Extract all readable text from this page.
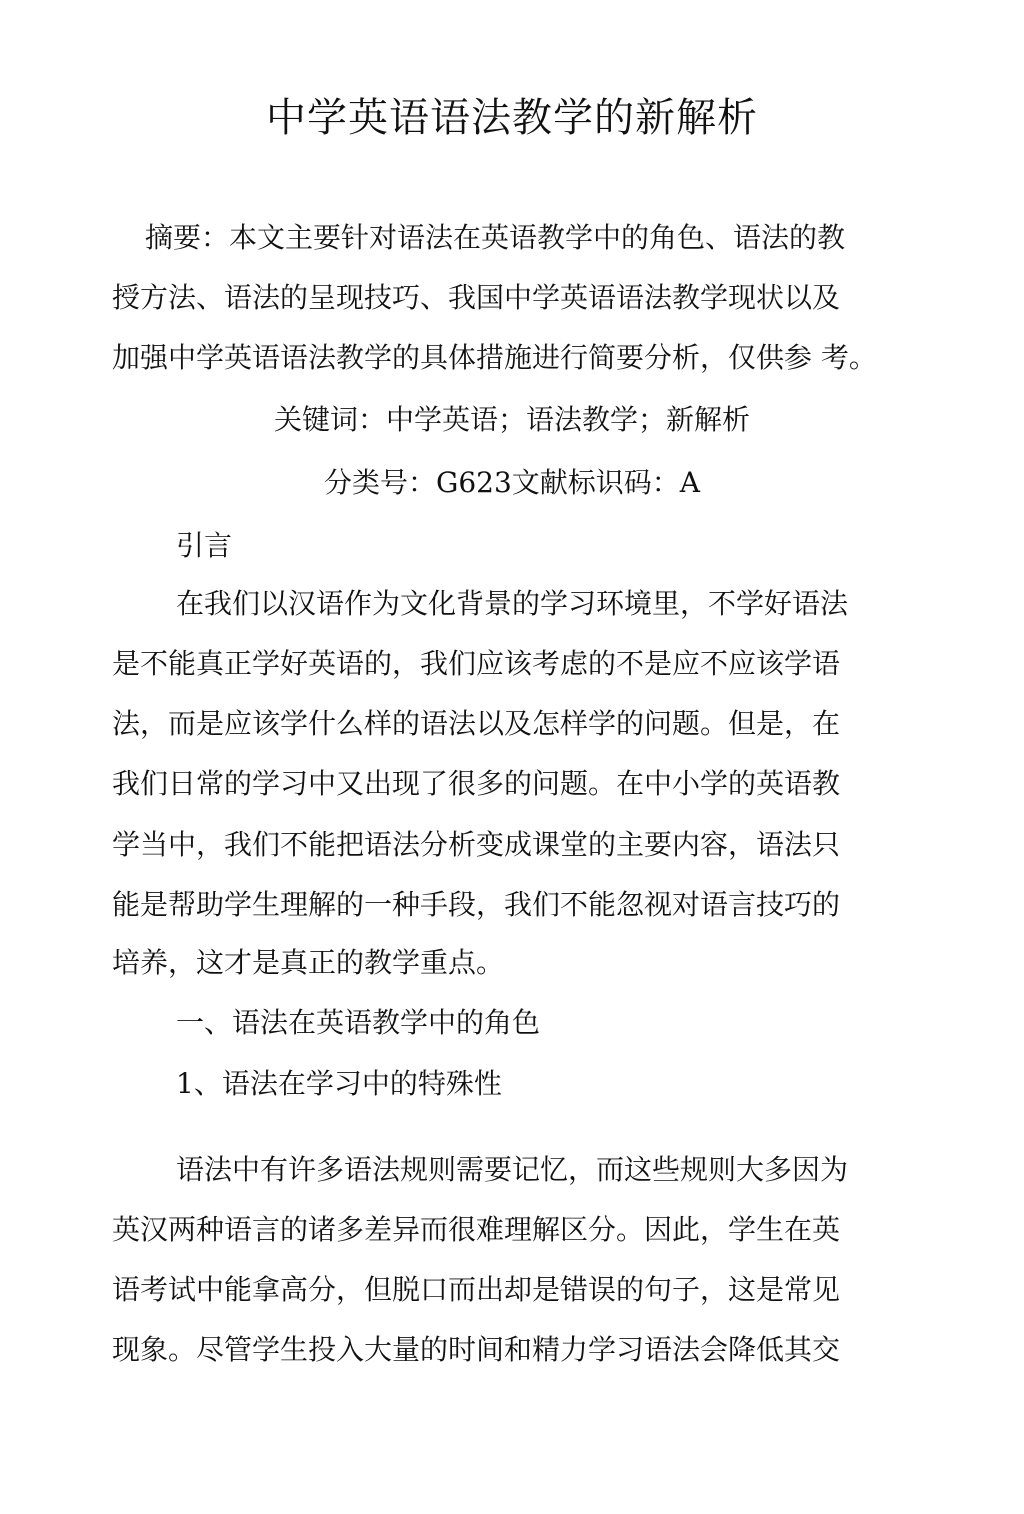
中学英语语法教学的新解析

摘要：本文主要针对语法在英语教学中的角色、语法的教

授方法、语法的呈现技巧、我国中学英语语法教学现状以及

加强中学英语语法教学的具体措施进行简要分析，仅供参 考。

关键词：中学英语；语法教学；新解析

分类号：G623文献标识码：A

引言

在我们以汉语作为文化背景的学习环境里，不学好语法

是不能真正学好英语的，我们应该考虑的不是应不应该学语

法，而是应该学什么样的语法以及怎样学的问题。但是，在

我们日常的学习中又出现了很多的问题。在中小学的英语教

学当中，我们不能把语法分析变成课堂的主要内容，语法只

能是帮助学生理解的一种手段，我们不能忽视对语言技巧的

培养，这才是真正的教学重点。

一、语法在英语教学中的角色

1、语法在学习中的特殊性

语法中有许多语法规则需要记忆，而这些规则大多因为

英汉两种语言的诸多差异而很难理解区分。因此，学生在英

语考试中能拿高分，但脱口而出却是错误的句子，这是常见

现象。尽管学生投入大量的时间和精力学习语法会降低其交
